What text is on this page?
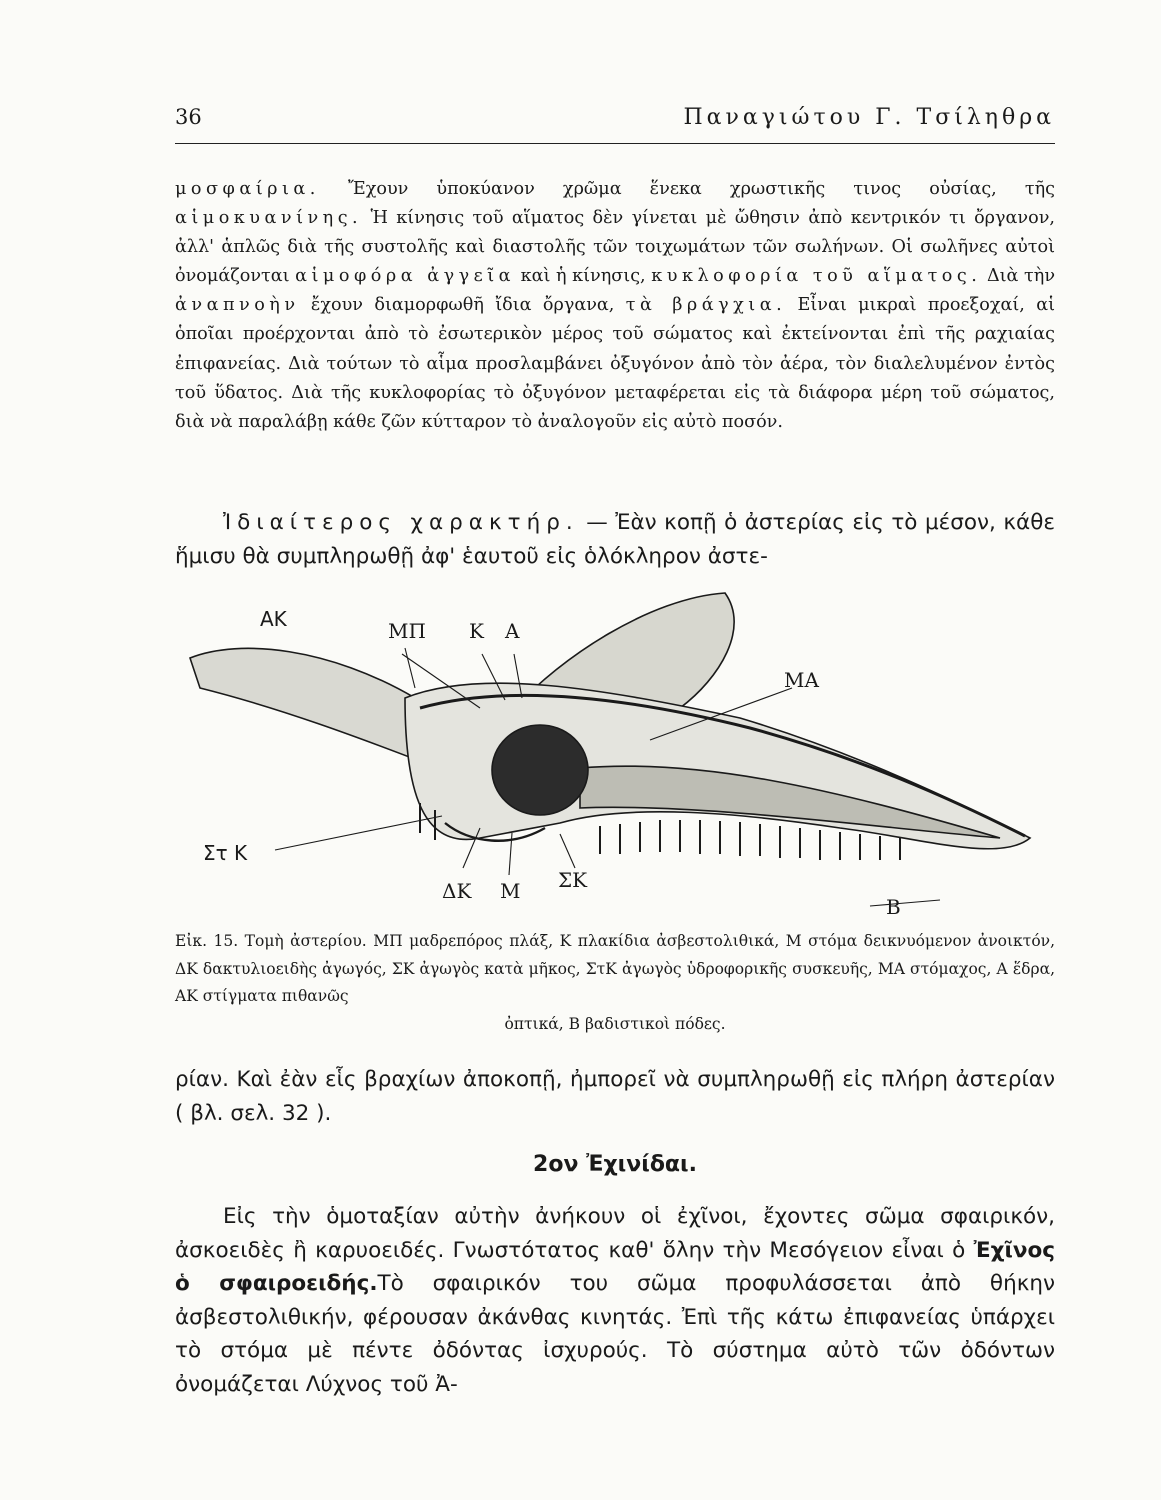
36	Παναγιώτου Γ. Τσίληθρα
μοσφαίρια. Ἔχουν ὑποκύανον χρῶμα ἕνεκα χρωστικῆς τινος οὐσίας, τῆς αἱμοκυανίνης. Ἡ κίνησις τοῦ αἵματος δὲν γίνεται μὲ ὤθησιν ἀπὸ κεντρικόν τι ὄργανον, ἀλλ' ἁπλῶς διὰ τῆς συστολῆς καὶ διαστολῆς τῶν τοιχωμάτων τῶν σωλήνων. Οἱ σωλῆνες αὐτοὶ ὀνομάζονται αἱμοφόρα ἀγγεῖα καὶ ἡ κίνησις, κυκλοφορία τοῦ αἵματος. Διὰ τὴν ἀναπνοὴν ἔχουν διαμορφωθῆ ἴδια ὄργανα, τὰ βράγχια. Εἶναι μικραὶ προεξοχαί, αἱ ὁποῖαι προέρχονται ἀπὸ τὸ ἐσωτερικὸν μέρος τοῦ σώματος καὶ ἐκτείνονται ἐπὶ τῆς ραχιαίας ἐπιφανείας. Διὰ τούτων τὸ αἷμα προσλαμβάνει ὀξυγόνον ἀπὸ τὸν ἀέρα, τὸν διαλελυμένον ἐντὸς τοῦ ὕδατος. Διὰ τῆς κυκλοφορίας τὸ ὀξυγόνον μεταφέρεται εἰς τὰ διάφορα μέρη τοῦ σώματος, διὰ νὰ παραλάβῃ κάθε ζῶν κύτταρον τὸ ἀναλογοῦν εἰς αὐτὸ ποσόν.
Ἰδιαίτερος χαρακτήρ. — Ἐὰν κοπῇ ὁ ἀστερίας εἰς τὸ μέσον, κάθε ἥμισυ θὰ συμπληρωθῇ ἀφ' ἑαυτοῦ εἰς ὁλόκληρον ἀστε-
ΑΚ	ΜΠ Κ Α
ΜΑ
Στ Κ
ΔΚ Μ ΣΚ
Β
Εἰκ. 15. Τομὴ ἀστερίου. ΜΠ μαδρεπόρος πλάξ, Κ πλακίδια ἀσβεστολιθικά, Μ στόμα δεικνυόμενον ἀνοικτόν, ΔΚ δακτυλιοειδὴς ἀγωγός, ΣΚ ἀγωγὸς κατὰ μῆκος, ΣτΚ ἀγωγὸς ὑδροφορικῆς συσκευῆς, ΜΑ στόμαχος, Α ἕδρα, ΑΚ στίγματα πιθανῶς
ὀπτικά, Β βαδιστικοὶ πόδες.
ρίαν. Καὶ ἐὰν εἷς βραχίων ἀποκοπῇ, ἠμπορεῖ νὰ συμπληρωθῇ εἰς πλήρη ἀστερίαν ( βλ. σελ. 32 ).
2ον Ἐχινίδαι.
Εἰς τὴν ὁμοταξίαν αὐτὴν ἀνήκουν οἱ ἐχῖνοι, ἔχοντες σῶμα σφαιρικόν, ἀσκοειδὲς ἢ καρυοειδές. Γνωστότατος καθ' ὅλην τὴν Μεσόγειον εἶναι ὁ Ἐχῖνος ὁ σφαιροειδής.Τὸ σφαιρικόν του σῶμα προφυλάσσεται ἀπὸ θήκην ἀσβεστολιθικήν, φέρουσαν ἀκάνθας κινητάς. Ἐπὶ τῆς κάτω ἐπιφανείας ὑπάρχει τὸ στόμα μὲ πέντε ὀδόντας ἰσχυρούς. Τὸ σύστημα αὐτὸ τῶν ὀδόντων ὀνομάζεται Λύχνος τοῦ Ἀ-
